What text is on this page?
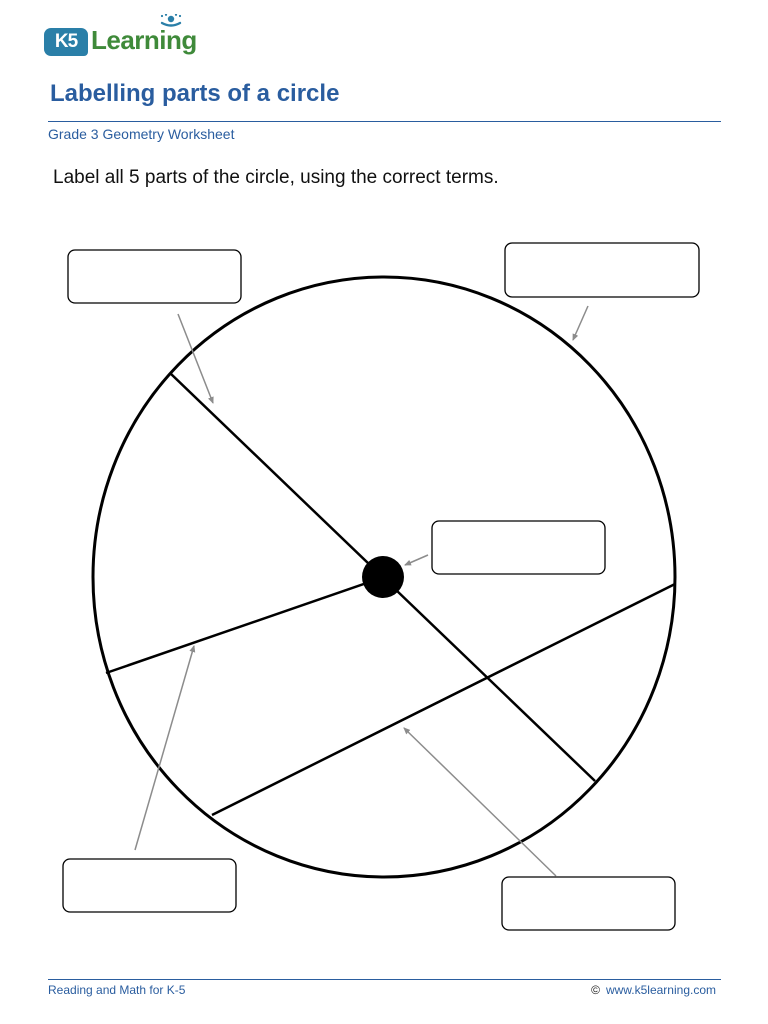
K5 Learning
Labelling parts of a circle
Grade 3 Geometry Worksheet
Label all 5 parts of the circle, using the correct terms.
Reading and Math for K-5	© www.k5learning.com
